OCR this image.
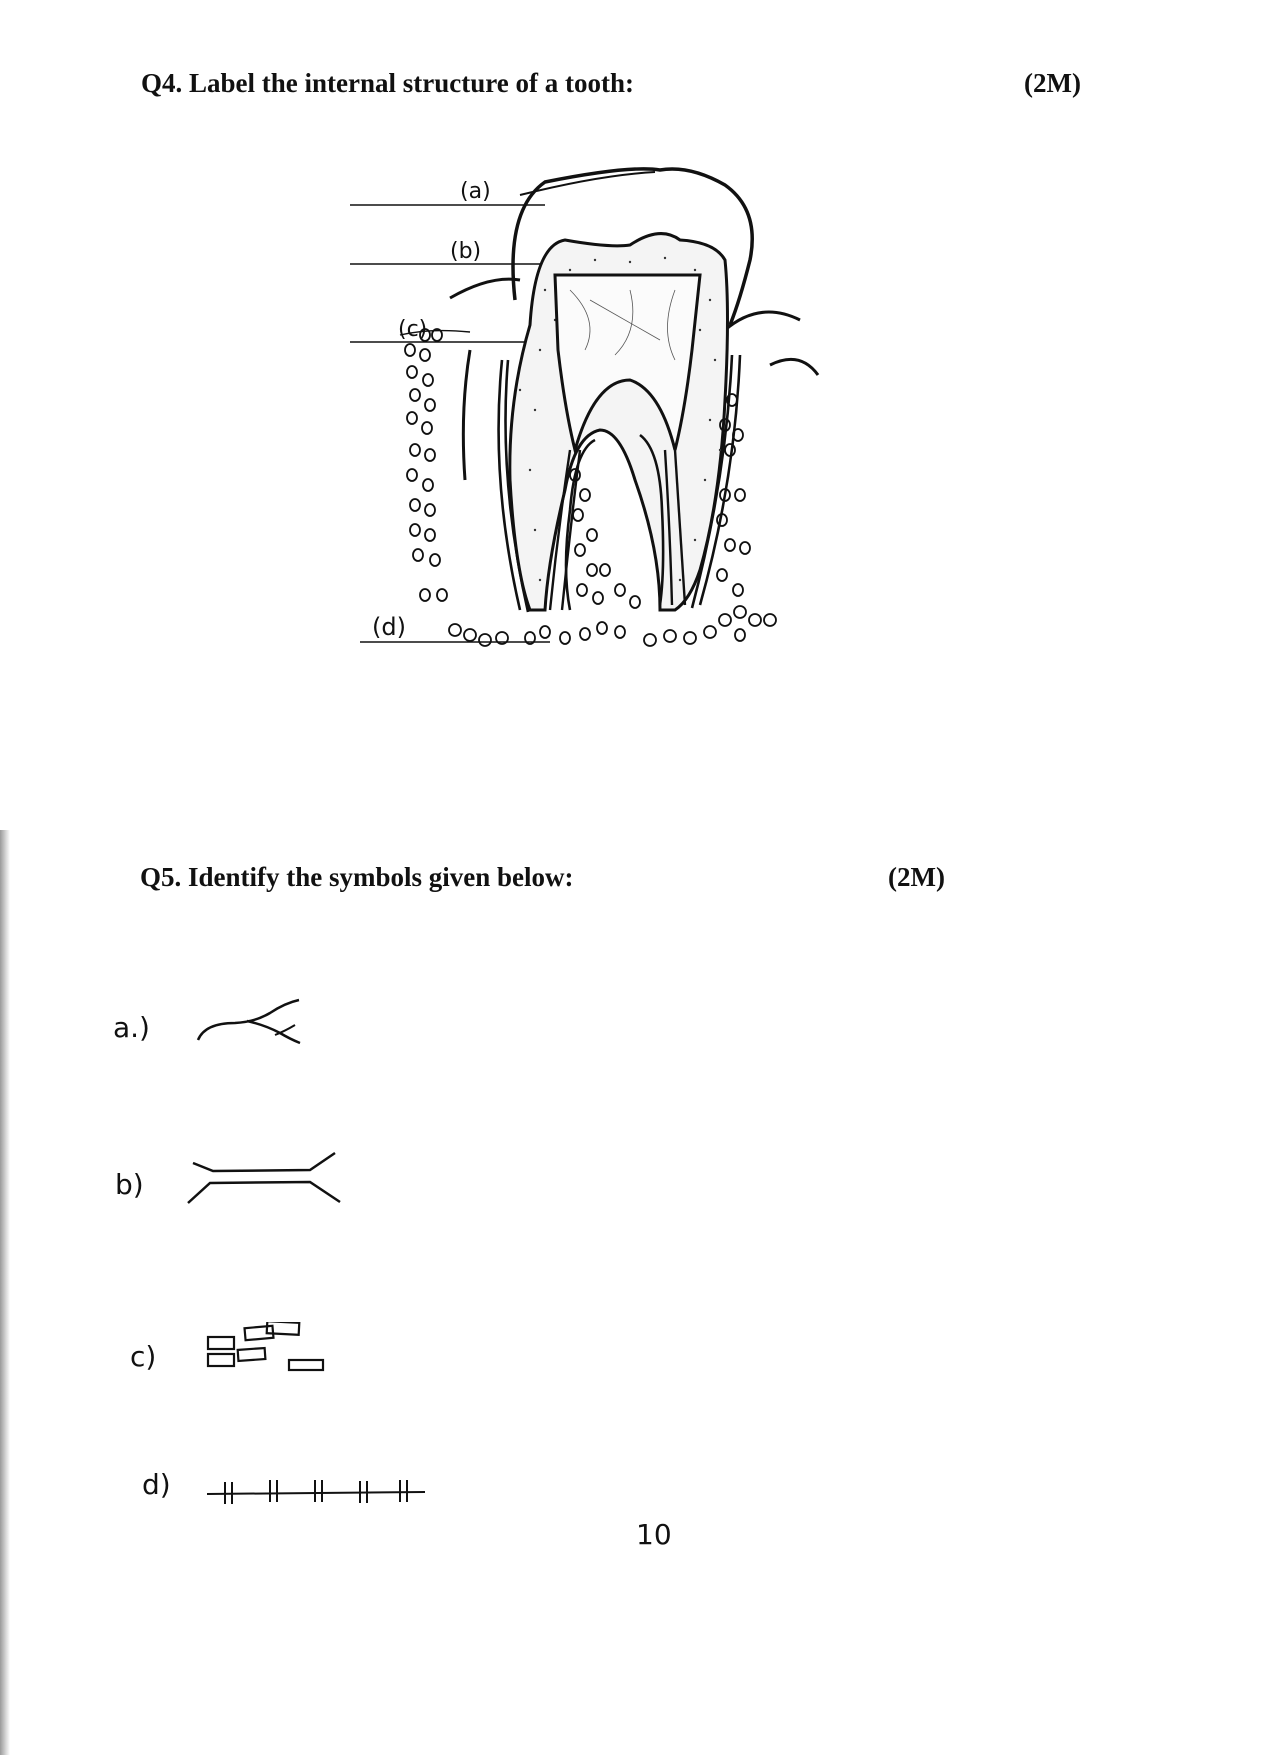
Q4. Label the internal structure of a tooth:	(2M)
(a)
(b)
(c)
(d)
Q5. Identify the symbols given below:	(2M)
a.)
b)
c)
d)
10
